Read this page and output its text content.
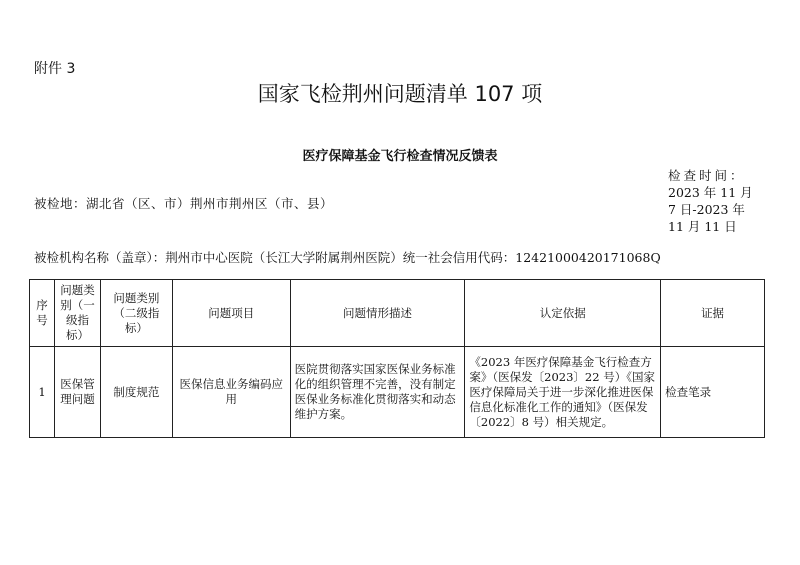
附件 3
国家飞检荆州问题清单 107 项
医疗保障基金飞行检查情况反馈表
被检地：湖北省（区、市）荆州市荆州区（市、县）
检查时间：
2023 年 11 月
7 日-2023 年
11 月 11 日
被检机构名称（盖章）：荆州市中心医院（长江大学附属荆州医院）统一社会信用代码：12421000420171068Q
序号	问题类别（一级指标）	问题类别（二级指标）	问题项目	问题情形描述	认定依据	证据
1	医保管理问题	制度规范	医保信息业务编码应用	医院贯彻落实国家医保业务标准化的组织管理不完善，没有制定医保业务标准化贯彻落实和动态维护方案。	《2023 年医疗保障基金飞行检查方案》（医保发〔2023〕22 号）《国家医疗保障局关于进一步深化推进医保信息化标准化工作的通知》（医保发〔2022〕8 号）相关规定。	检查笔录
